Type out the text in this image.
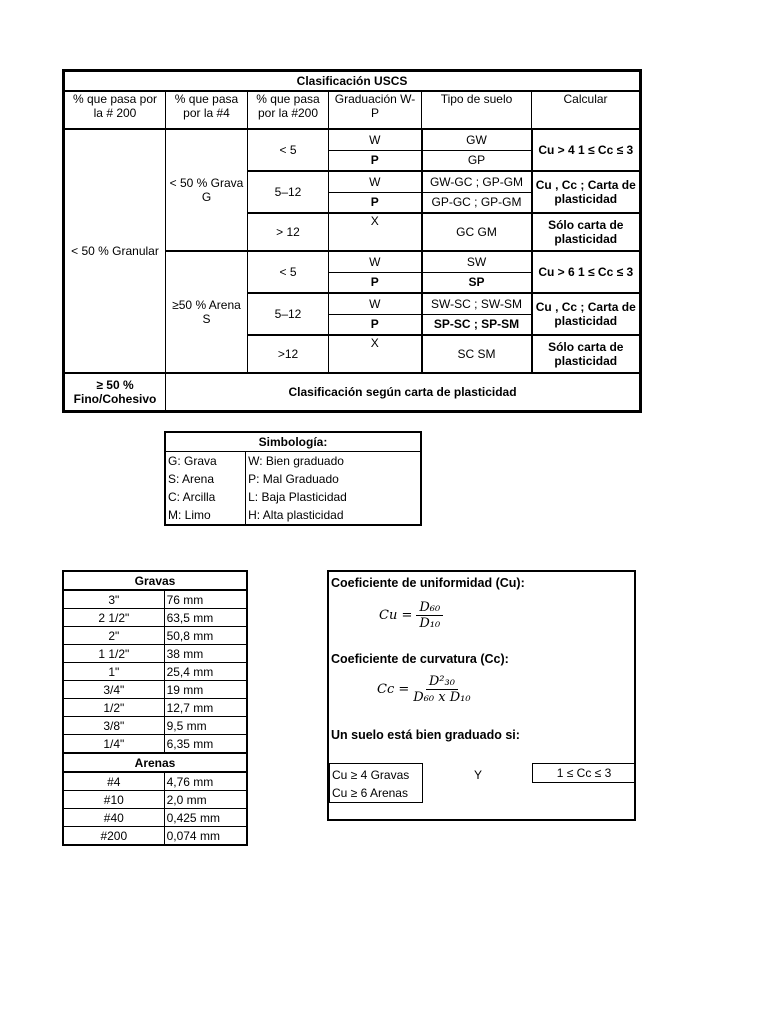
Clasificación USCS					
% que pasa por la # 200	% que pasa por la #4	% que pasa por la #200	Graduación W-P	Tipo de suelo	Calcular
< 50 % Granular	< 50 % Grava G	< 5	W	GW	Cu > 4 1 ≤ Cc ≤ 3
			P	GP	
		5–12	W	GW-GC ; GP-GM	Cu , Cc ; Carta de plasticidad
			P	GP-GC ; GP-GM	
		> 12	X	GC GM	Sólo carta de plasticidad
	≥50 % Arena S	< 5	W	SW	Cu > 6 1 ≤ Cc ≤ 3
			P	SP	
		5–12	W	SW-SC ; SW-SM	Cu , Cc ; Carta de plasticidad
			P	SP-SC ; SP-SM	
		>12	X	SC SM	Sólo carta de plasticidad
≥ 50 % Fino/Cohesivo	Clasificación según carta de plasticidad				
Simbología:	
G: Grava	W: Bien graduado
S: Arena	P: Mal Graduado
C: Arcilla	L: Baja Plasticidad
M: Limo	H: Alta plasticidad
Gravas	
3"	76 mm
2 1/2"	63,5 mm
2"	50,8 mm
1 1/2"	38 mm
1"	25,4 mm
3/4"	19 mm
1/2"	12,7 mm
3/8"	9,5 mm
1/4"	6,35 mm
Arenas	
#4	4,76 mm
#10	2,0 mm
#40	0,425 mm
#200	0,074 mm
Coeficiente de uniformidad (Cu):
$Cu = \frac{\text{D₆₀}}{\text{D₁₀}}$
Coeficiente de curvatura (Cc):
$Cc = \frac{\text{D²₃₀}}{\text{D₆₀ x D₁₀}}$
Un suelo está bien graduado si:
Cu ≥ 4 Gravas
Cu ≥ 6 Arenas
Y	1 ≤ Cc ≤ 3
